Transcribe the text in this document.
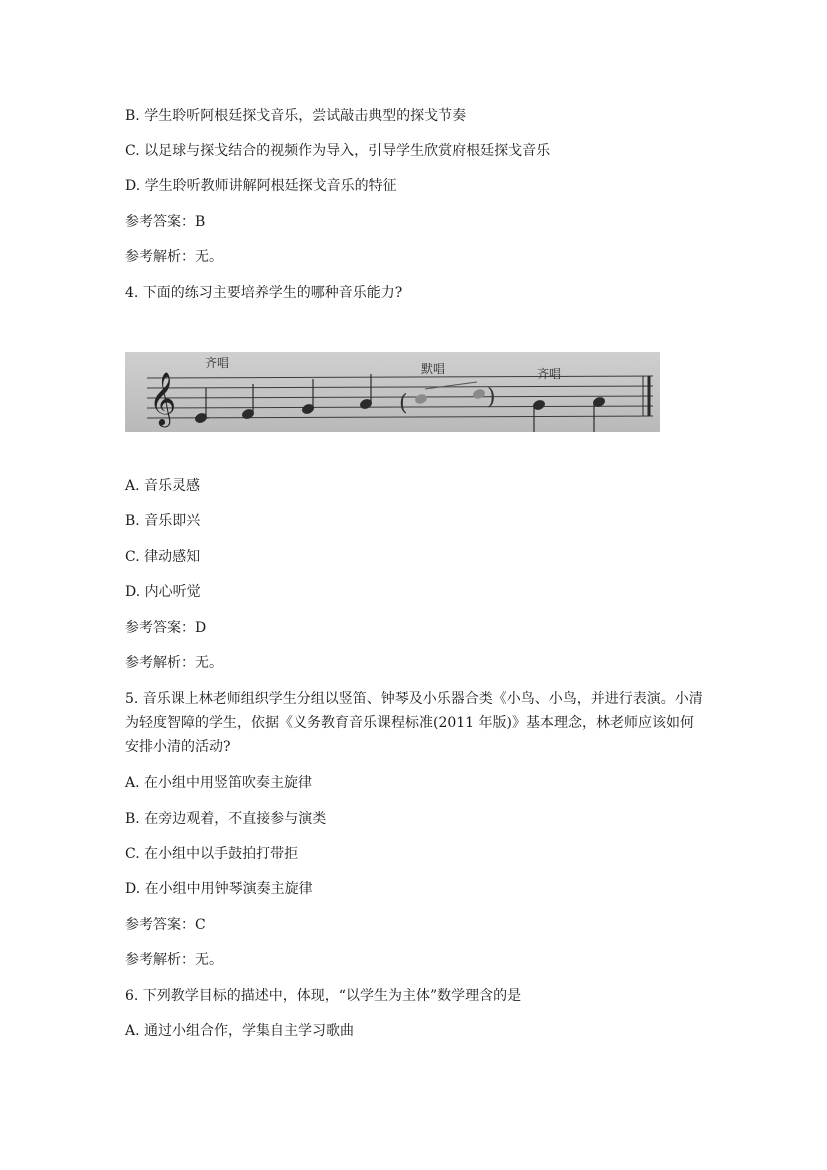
B. 学生聆听阿根廷探戈音乐，尝试敲击典型的探戈节奏
C. 以足球与探戈结合的视频作为导入，引导学生欣赏府根廷探戈音乐
D. 学生聆听教师讲解阿根廷探戈音乐的特征
参考答案：B
参考解析：无。
4. 下面的练习主要培养学生的哪种音乐能力?
𝄞	(	)
齐唱	默唱	齐唱
A. 音乐灵感
B. 音乐即兴
C. 律动感知
D. 内心听觉
参考答案：D
参考解析：无。
5. 音乐课上林老师组织学生分组以竖笛、钟琴及小乐器合类《小鸟、小鸟，并进行表演。小清为轻度智障的学生，依据《义务教育音乐课程标准(2011 年版)》基本理念，林老师应该如何安排小清的活动?
A. 在小组中用竖笛吹奏主旋律
B. 在旁边观着，不直接参与演类
C. 在小组中以手鼓拍打带拒
D. 在小组中用钟琴演奏主旋律
参考答案：C
参考解析：无。
6. 下列教学目标的描述中，体现，“以学生为主体”数学理含的是
A. 通过小组合作，学集自主学习歌曲
